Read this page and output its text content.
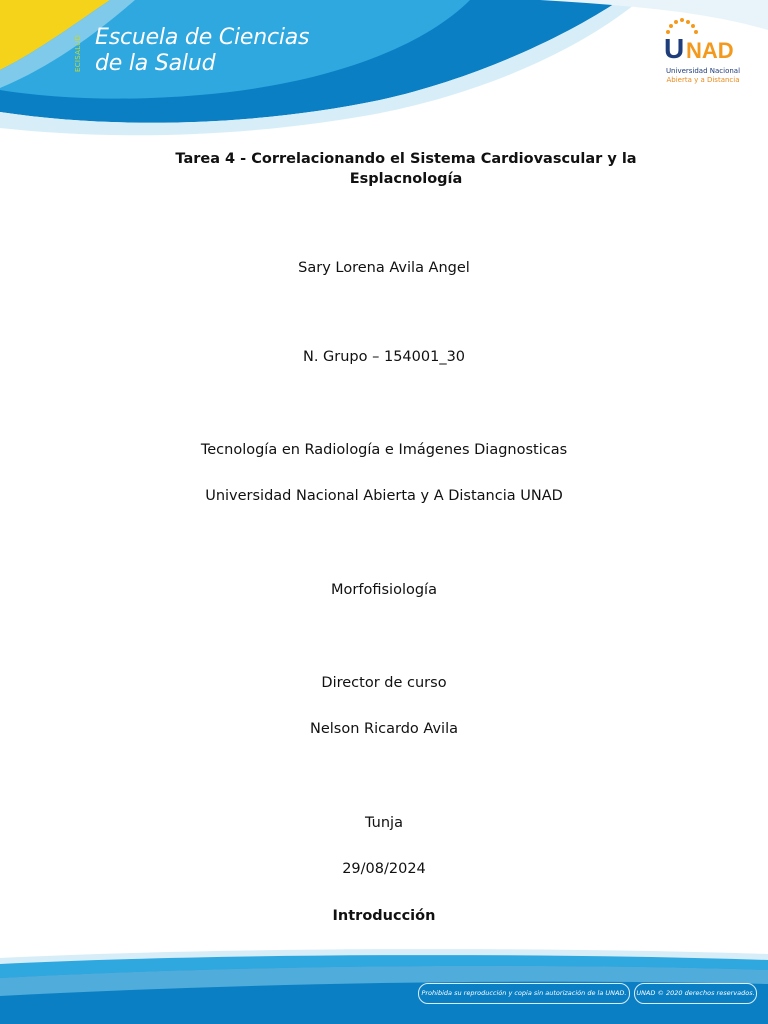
ECISALUD Escuela de Ciencias
de la Salud	U NAD
Universidad Nacional
Abierta y a Distancia
Tarea 4 - Correlacionando el Sistema Cardiovascular y la Esplacnología
Sary Lorena Avila Angel
N. Grupo – 154001_30
Tecnología en Radiología e Imágenes Diagnosticas
Universidad Nacional Abierta y A Distancia UNAD
Morfofisiología
Director de curso
Nelson Ricardo Avila
Tunja
29/08/2024
Introducción
Prohibida su reproducción y copia sin autorización de la UNAD.	UNAD © 2020 derechos reservados.
